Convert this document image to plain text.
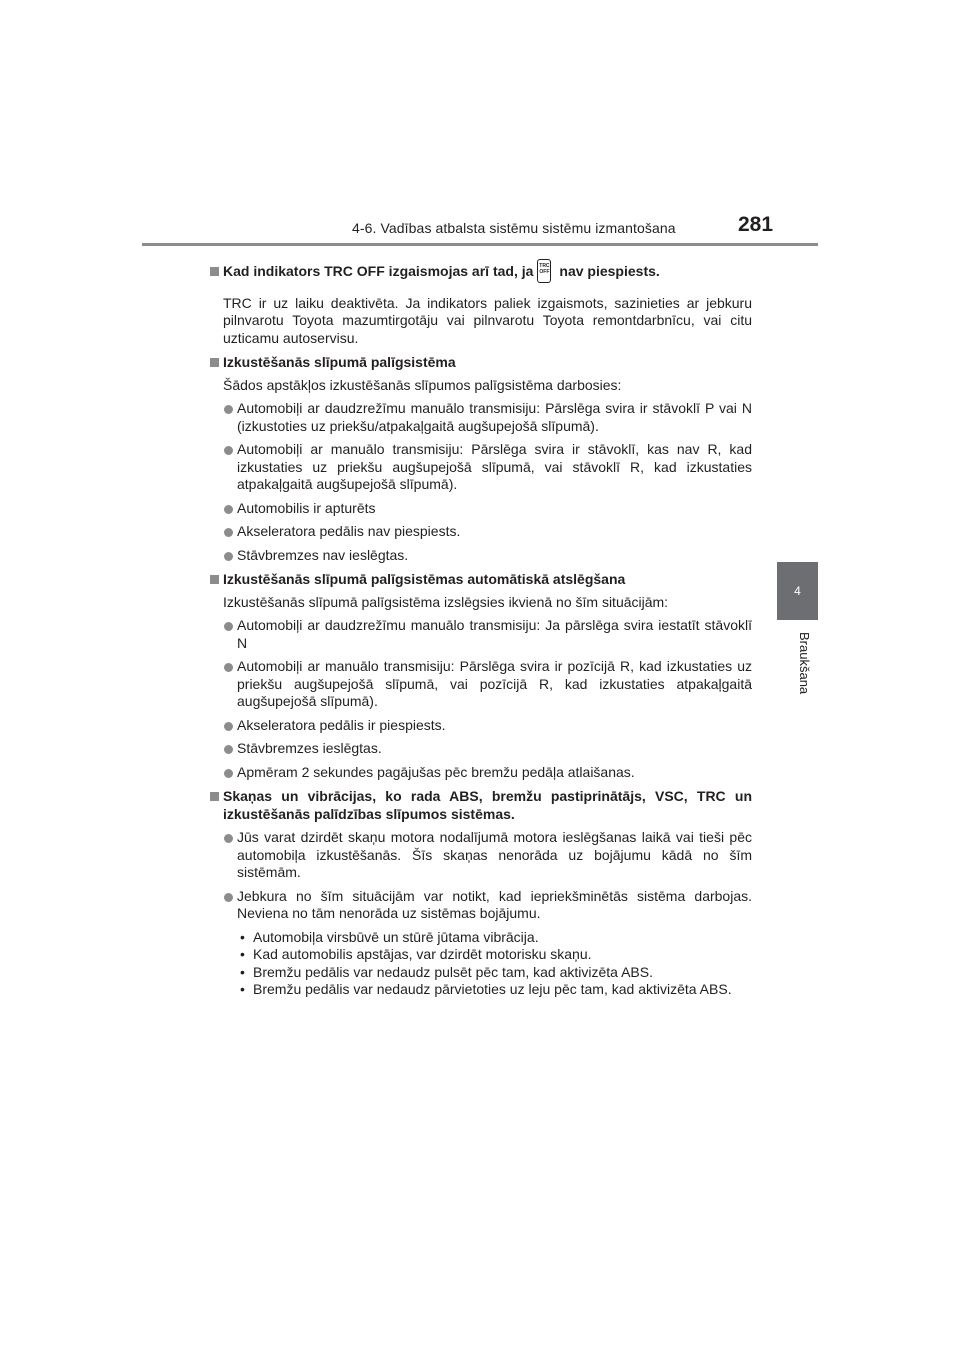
4-6. Vadības atbalsta sistēmu sistēmu izmantošana	281
4
Braukšana
Kad indikators TRC OFF izgaismojas arī tad, ja TRC OFF nav piespiests.
TRC ir uz laiku deaktivēta. Ja indikators paliek izgaismots, sazinieties ar jebkuru pilnvarotu Toyota mazumtirgotāju vai pilnvarotu Toyota remontdarbnīcu, vai citu uzticamu autoservisu.
Izkustēšanās slīpumā palīgsistēma
Šādos apstākļos izkustēšanās slīpumos palīgsistēma darbosies:
Automobiļi ar daudzrežīmu manuālo transmisiju: Pārslēga svira ir stāvoklī P vai N (izkustoties uz priekšu/atpakaļgaitā augšupejošā slīpumā).
Automobiļi ar manuālo transmisiju: Pārslēga svira ir stāvoklī, kas nav R, kad izkustaties uz priekšu augšupejošā slīpumā, vai stāvoklī R, kad izkustaties atpakaļgaitā augšupejošā slīpumā).
Automobilis ir apturēts
Akseleratora pedālis nav piespiests.
Stāvbremzes nav ieslēgtas.
Izkustēšanās slīpumā palīgsistēmas automātiskā atslēgšana
Izkustēšanās slīpumā palīgsistēma izslēgsies ikvienā no šīm situācijām:
Automobiļi ar daudzrežīmu manuālo transmisiju: Ja pārslēga svira iestatīt stāvoklī N
Automobiļi ar manuālo transmisiju: Pārslēga svira ir pozīcijā R, kad izkustaties uz priekšu augšupejošā slīpumā, vai pozīcijā R, kad izkustaties atpakaļgaitā augšupejošā slīpumā).
Akseleratora pedālis ir piespiests.
Stāvbremzes ieslēgtas.
Apmēram 2 sekundes pagājušas pēc bremžu pedāļa atlaišanas.
Skaņas un vibrācijas, ko rada ABS, bremžu pastiprinātājs, VSC, TRC un izkustēšanās palīdzības slīpumos sistēmas.
Jūs varat dzirdēt skaņu motora nodalījumā motora ieslēgšanas laikā vai tieši pēc automobiļa izkustēšanās. Šīs skaņas nenorāda uz bojājumu kādā no šīm sistēmām.
Jebkura no šīm situācijām var notikt, kad iepriekšminētās sistēma darbojas. Neviena no tām nenorāda uz sistēmas bojājumu.
• Automobiļa virsbūvē un stūrē jūtama vibrācija.
• Kad automobilis apstājas, var dzirdēt motorisku skaņu.
• Bremžu pedālis var nedaudz pulsēt pēc tam, kad aktivizēta ABS.
• Bremžu pedālis var nedaudz pārvietoties uz leju pēc tam, kad aktivizēta ABS.
